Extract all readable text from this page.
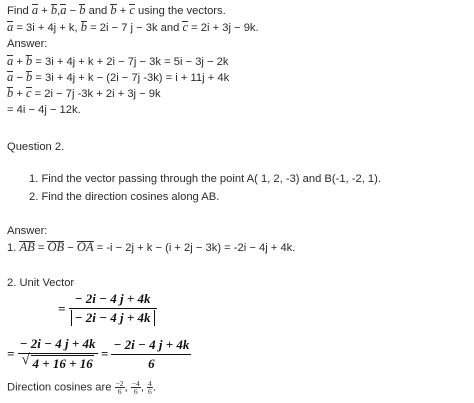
Find a + b,a − b and b + c using the vectors.
a = 3i + 4j + k, b = 2i − 7 j − 3k and c = 2i + 3j − 9k.
Answer:
a + b = 3i + 4j + k + 2i − 7j − 3k = 5i − 3j − 2k
a − b = 3i + 4j + k − (2i − 7j -3k) = i + 11j + 4k
b + c = 2i − 7j -3k + 2i + 3j − 9k
= 4i − 4j − 12k.
Question 2.
1. Find the vector passing through the point A( 1, 2, -3) and B(-1, -2, 1).
2. Find the direction cosines along AB.
Answer:
1. AB = OB − OA = -i − 2j + k − (i + 2j − 3k) = -2i − 4j + 4k.
2. Unit Vector
= $\frac{- 2i - 4 j + 4k}{- 2i - 4 j + 4k}$
= $\frac{- 2i - 4 j + 4k}{√ 4 + 16 + 16} = \frac{- 2i - 4 j + 4k}{6}$
Direction cosines are $\frac{-2}{6}$ , $\frac{-4}{6}$ , $\frac{4}{6}$ .
